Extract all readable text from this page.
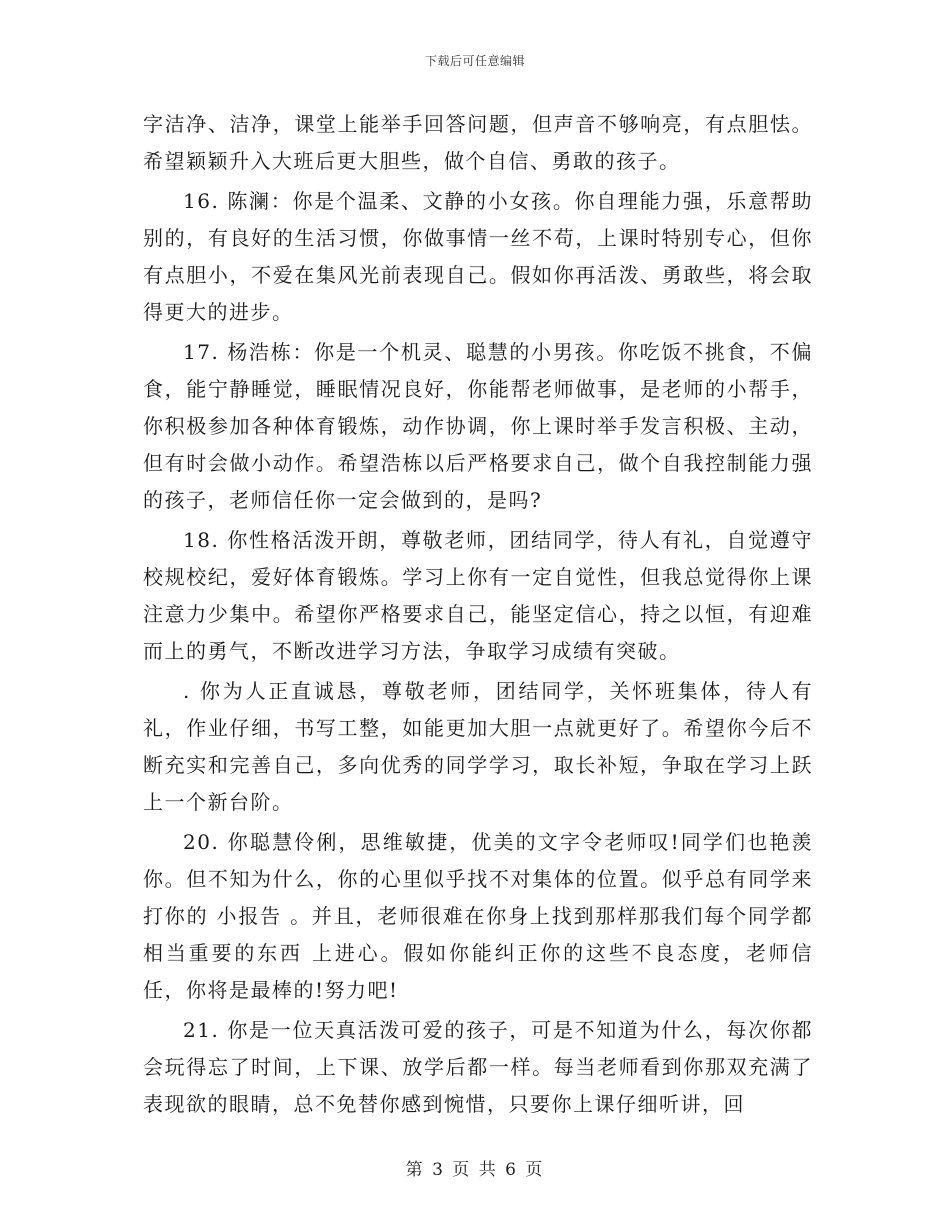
下载后可任意编辑

字洁净、洁净，课堂上能举手回答问题，但声音不够响亮，有点胆怯。希望颖颖升入大班后更大胆些，做个自信、勇敢的孩子。

16. 陈澜：你是个温柔、文静的小女孩。你自理能力强，乐意帮助别的，有良好的生活习惯，你做事情一丝不苟，上课时特别专心，但你有点胆小，不爱在集风光前表现自己。假如你再活泼、勇敢些，将会取得更大的进步。

17. 杨浩栋：你是一个机灵、聪慧的小男孩。你吃饭不挑食，不偏食，能宁静睡觉，睡眠情况良好，你能帮老师做事，是老师的小帮手，你积极参加各种体育锻炼，动作协调，你上课时举手发言积极、主动，但有时会做小动作。希望浩栋以后严格要求自己，做个自我控制能力强的孩子，老师信任你一定会做到的，是吗?

18. 你性格活泼开朗，尊敬老师，团结同学，待人有礼，自觉遵守校规校纪，爱好体育锻炼。学习上你有一定自觉性，但我总觉得你上课注意力少集中。希望你严格要求自己，能坚定信心，持之以恒，有迎难而上的勇气，不断改进学习方法，争取学习成绩有突破。

. 你为人正直诚恳，尊敬老师，团结同学，关怀班集体，待人有礼，作业仔细，书写工整，如能更加大胆一点就更好了。希望你今后不断充实和完善自己，多向优秀的同学学习，取长补短，争取在学习上跃上一个新台阶。

20. 你聪慧伶俐，思维敏捷，优美的文字令老师叹!同学们也艳羡你。但不知为什么，你的心里似乎找不对集体的位置。似乎总有同学来打你的 小报告 。并且，老师很难在你身上找到那样那我们每个同学都相当重要的东西 上进心。假如你能纠正你的这些不良态度，老师信任，你将是最棒的!努力吧!

21. 你是一位天真活泼可爱的孩子，可是不知道为什么，每次你都会玩得忘了时间，上下课、放学后都一样。每当老师看到你那双充满了表现欲的眼睛，总不免替你感到惋惜，只要你上课仔细听讲，回

第 3 页 共 6 页
